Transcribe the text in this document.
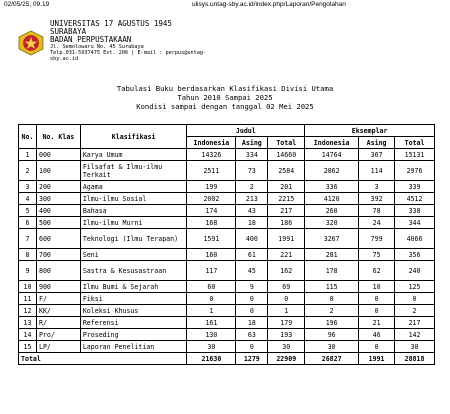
02/05/25, 09.19	ulisys.untag-sby.ac.id/index.php/Laporan/Pengolahan
UNIVERSITAS 17 AGUSTUS 1945
SURABAYA
BADAN PERPUSTAKAAN
Jl. Semolowaru No. 45 Surabaya
Telp.031-5937475 Ext. 206 | E-mail : perpus@untag-
sby.ac.id
Tabulasi Buku berdasarkan Klasifikasi Divisi Utama
Tahun 2010 Sampai 2025
Kondisi sampai dengan tanggal 02 Mei 2025
No.	No. Klas	Klasifikasi	Judul			Eksemplar		
			Indonesia	Asing	Total	Indonesia	Asing	Total
1	000	Karya Umum	14326	334	14660	14764	367	15131
2	100	Filsafat & Ilmu-ilmu Terkait	2511	73	2584	2862	114	2976
3	200	Agama	199	2	201	336	3	339
4	300	Ilmu-ilmu Sosial	2002	213	2215	4120	392	4512
5	400	Bahasa	174	43	217	260	78	338
6	500	Ilmu-ilmu Murni	168	18	186	320	24	344
7	600	Teknologi (Ilmu Terapan)	1591	400	1991	3267	799	4066
8	700	Seni	160	61	221	281	75	356
9	800	Sastra & Kesusastraan	117	45	162	178	62	240
10	900	Ilmu Bumi & Sejarah	60	9	69	115	10	125
11	F/	Fiksi	0	0	0	0	0	0
12	KK/	Koleksi Khusus	1	0	1	2	0	2
13	R/	Referensi	161	18	179	196	21	217
14	Pro/	Proseding	130	63	193	96	46	142
15	LP/	Laporan Penelitian	30	0	30	30	0	30
Total			21630	1279	22909	26827	1991	28818
